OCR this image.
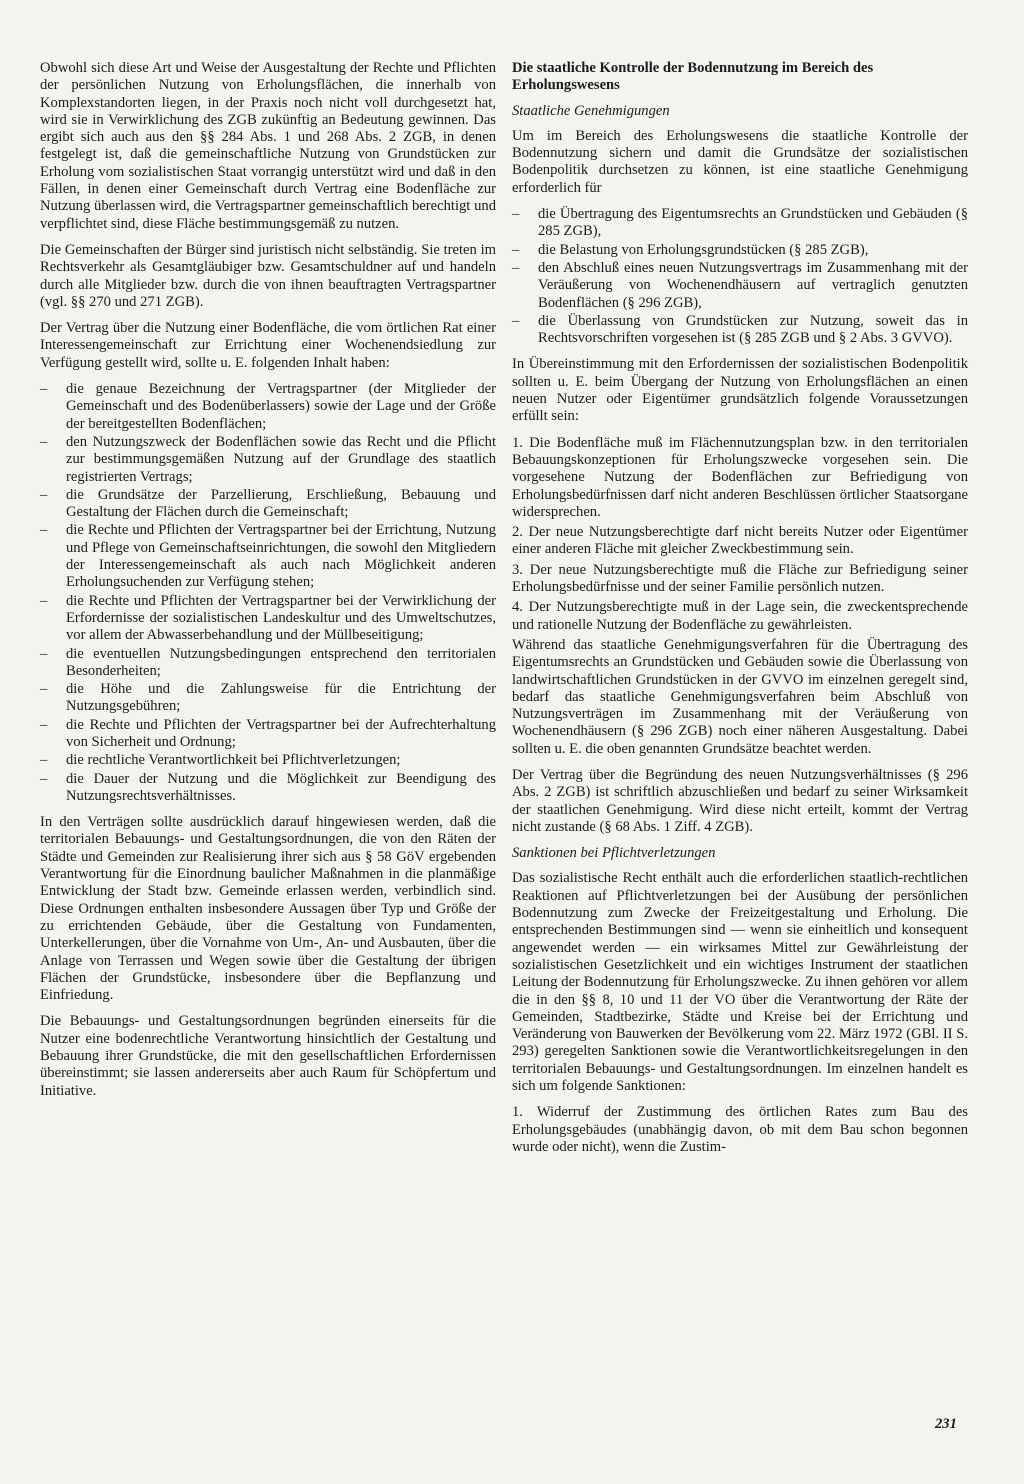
Obwohl sich diese Art und Weise der Ausgestaltung der Rechte und Pflichten der persönlichen Nutzung von Erholungsflächen, die innerhalb von Komplexstandorten liegen, in der Praxis noch nicht voll durchgesetzt hat, wird sie in Verwirklichung des ZGB zukünftig an Bedeutung gewinnen. Das ergibt sich auch aus den §§ 284 Abs. 1 und 268 Abs. 2 ZGB, in denen festgelegt ist, daß die gemeinschaftliche Nutzung von Grundstücken zur Erholung vom sozialistischen Staat vorrangig unterstützt wird und daß in den Fällen, in denen einer Gemeinschaft durch Vertrag eine Bodenfläche zur Nutzung überlassen wird, die Vertragspartner gemeinschaftlich berechtigt und verpflichtet sind, diese Fläche bestimmungsgemäß zu nutzen.

Die Gemeinschaften der Bürger sind juristisch nicht selbständig. Sie treten im Rechtsverkehr als Gesamtgläubiger bzw. Gesamtschuldner auf und handeln durch alle Mitglieder bzw. durch die von ihnen beauftragten Vertragspartner (vgl. §§ 270 und 271 ZGB).

Der Vertrag über die Nutzung einer Bodenfläche, die vom örtlichen Rat einer Interessengemeinschaft zur Errichtung einer Wochenendsiedlung zur Verfügung gestellt wird, sollte u. E. folgenden Inhalt haben:

– die genaue Bezeichnung der Vertragspartner (der Mitglieder der Gemeinschaft und des Bodenüberlassers) sowie der Lage und der Größe der bereitgestellten Bodenflächen;
– den Nutzungszweck der Bodenflächen sowie das Recht und die Pflicht zur bestimmungsgemäßen Nutzung auf der Grundlage des staatlich registrierten Vertrags;
– die Grundsätze der Parzellierung, Erschließung, Bebauung und Gestaltung der Flächen durch die Gemeinschaft;
– die Rechte und Pflichten der Vertragspartner bei der Errichtung, Nutzung und Pflege von Gemeinschaftseinrichtungen, die sowohl den Mitgliedern der Interessengemeinschaft als auch nach Möglichkeit anderen Erholungsuchenden zur Verfügung stehen;
– die Rechte und Pflichten der Vertragspartner bei der Verwirklichung der Erfordernisse der sozialistischen Landeskultur und des Umweltschutzes, vor allem der Abwasserbehandlung und der Müllbeseitigung;
– die eventuellen Nutzungsbedingungen entsprechend den territorialen Besonderheiten;
– die Höhe und die Zahlungsweise für die Entrichtung der Nutzungsgebühren;
– die Rechte und Pflichten der Vertragspartner bei der Aufrechterhaltung von Sicherheit und Ordnung;
– die rechtliche Verantwortlichkeit bei Pflichtverletzungen;
– die Dauer der Nutzung und die Möglichkeit zur Beendigung des Nutzungsrechtsverhältnisses.

In den Verträgen sollte ausdrücklich darauf hingewiesen werden, daß die territorialen Bebauungs- und Gestaltungsordnungen, die von den Räten der Städte und Gemeinden zur Realisierung ihrer sich aus § 58 GöV ergebenden Verantwortung für die Einordnung baulicher Maßnahmen in die planmäßige Entwicklung der Stadt bzw. Gemeinde erlassen werden, verbindlich sind. Diese Ordnungen enthalten insbesondere Aussagen über Typ und Größe der zu errichtenden Gebäude, über die Gestaltung von Fundamenten, Unterkellerungen, über die Vornahme von Um-, An- und Ausbauten, über die Anlage von Terrassen und Wegen sowie über die Gestaltung der übrigen Flächen der Grundstücke, insbesondere über die Bepflanzung und Einfriedung.

Die Bebauungs- und Gestaltungsordnungen begründen einerseits für die Nutzer eine bodenrechtliche Verantwortung hinsichtlich der Gestaltung und Bebauung ihrer Grundstücke, die mit den gesellschaftlichen Erfordernissen übereinstimmt; sie lassen andererseits aber auch Raum für Schöpfertum und Initiative.

Die staatliche Kontrolle der Bodennutzung im Bereich des Erholungswesens
Staatliche Genehmigungen

Um im Bereich des Erholungswesens die staatliche Kontrolle der Bodennutzung sichern und damit die Grundsätze der sozialistischen Bodenpolitik durchsetzen zu können, ist eine staatliche Genehmigung erforderlich für

– die Übertragung des Eigentumsrechts an Grundstücken und Gebäuden (§ 285 ZGB),
– die Belastung von Erholungsgrundstücken (§ 285 ZGB),
– den Abschluß eines neuen Nutzungsvertrags im Zusammenhang mit der Veräußerung von Wochenendhäusern auf vertraglich genutzten Bodenflächen (§ 296 ZGB),
– die Überlassung von Grundstücken zur Nutzung, soweit das in Rechtsvorschriften vorgesehen ist (§ 285 ZGB und § 2 Abs. 3 GVVO).

In Übereinstimmung mit den Erfordernissen der sozialistischen Bodenpolitik sollten u. E. beim Übergang der Nutzung von Erholungsflächen an einen neuen Nutzer oder Eigentümer grundsätzlich folgende Voraussetzungen erfüllt sein:

1. Die Bodenfläche muß im Flächennutzungsplan bzw. in den territorialen Bebauungskonzeptionen für Erholungszwecke vorgesehen sein. Die vorgesehene Nutzung der Bodenflächen zur Befriedigung von Erholungsbedürfnissen darf nicht anderen Beschlüssen örtlicher Staatsorgane widersprechen.
2. Der neue Nutzungsberechtigte darf nicht bereits Nutzer oder Eigentümer einer anderen Fläche mit gleicher Zweckbestimmung sein.
3. Der neue Nutzungsberechtigte muß die Fläche zur Befriedigung seiner Erholungsbedürfnisse und der seiner Familie persönlich nutzen.
4. Der Nutzungsberechtigte muß in der Lage sein, die zweckentsprechende und rationelle Nutzung der Bodenfläche zu gewährleisten.

Während das staatliche Genehmigungsverfahren für die Übertragung des Eigentumsrechts an Grundstücken und Gebäuden sowie die Überlassung von landwirtschaftlichen Grundstücken in der GVVO im einzelnen geregelt sind, bedarf das staatliche Genehmigungsverfahren beim Abschluß von Nutzungsverträgen im Zusammenhang mit der Veräußerung von Wochenendhäusern (§ 296 ZGB) noch einer näheren Ausgestaltung. Dabei sollten u. E. die oben genannten Grundsätze beachtet werden.

Der Vertrag über die Begründung des neuen Nutzungsverhältnisses (§ 296 Abs. 2 ZGB) ist schriftlich abzuschließen und bedarf zu seiner Wirksamkeit der staatlichen Genehmigung. Wird diese nicht erteilt, kommt der Vertrag nicht zustande (§ 68 Abs. 1 Ziff. 4 ZGB).

Sanktionen bei Pflichtverletzungen

Das sozialistische Recht enthält auch die erforderlichen staatlich-rechtlichen Reaktionen auf Pflichtverletzungen bei der Ausübung der persönlichen Bodennutzung zum Zwecke der Freizeitgestaltung und Erholung. Die entsprechenden Bestimmungen sind — wenn sie einheitlich und konsequent angewendet werden — ein wirksames Mittel zur Gewährleistung der sozialistischen Gesetzlichkeit und ein wichtiges Instrument der staatlichen Leitung der Bodennutzung für Erholungszwecke. Zu ihnen gehören vor allem die in den §§ 8, 10 und 11 der VO über die Verantwortung der Räte der Gemeinden, Stadtbezirke, Städte und Kreise bei der Errichtung und Veränderung von Bauwerken der Bevölkerung vom 22. März 1972 (GBl. II S. 293) geregelten Sanktionen sowie die Verantwortlichkeitsregelungen in den territorialen Bebauungs- und Gestaltungsordnungen. Im einzelnen handelt es sich um folgende Sanktionen:

1. Widerruf der Zustimmung des örtlichen Rates zum Bau des Erholungsgebäudes (unabhängig davon, ob mit dem Bau schon begonnen wurde oder nicht), wenn die Zustim-

231
